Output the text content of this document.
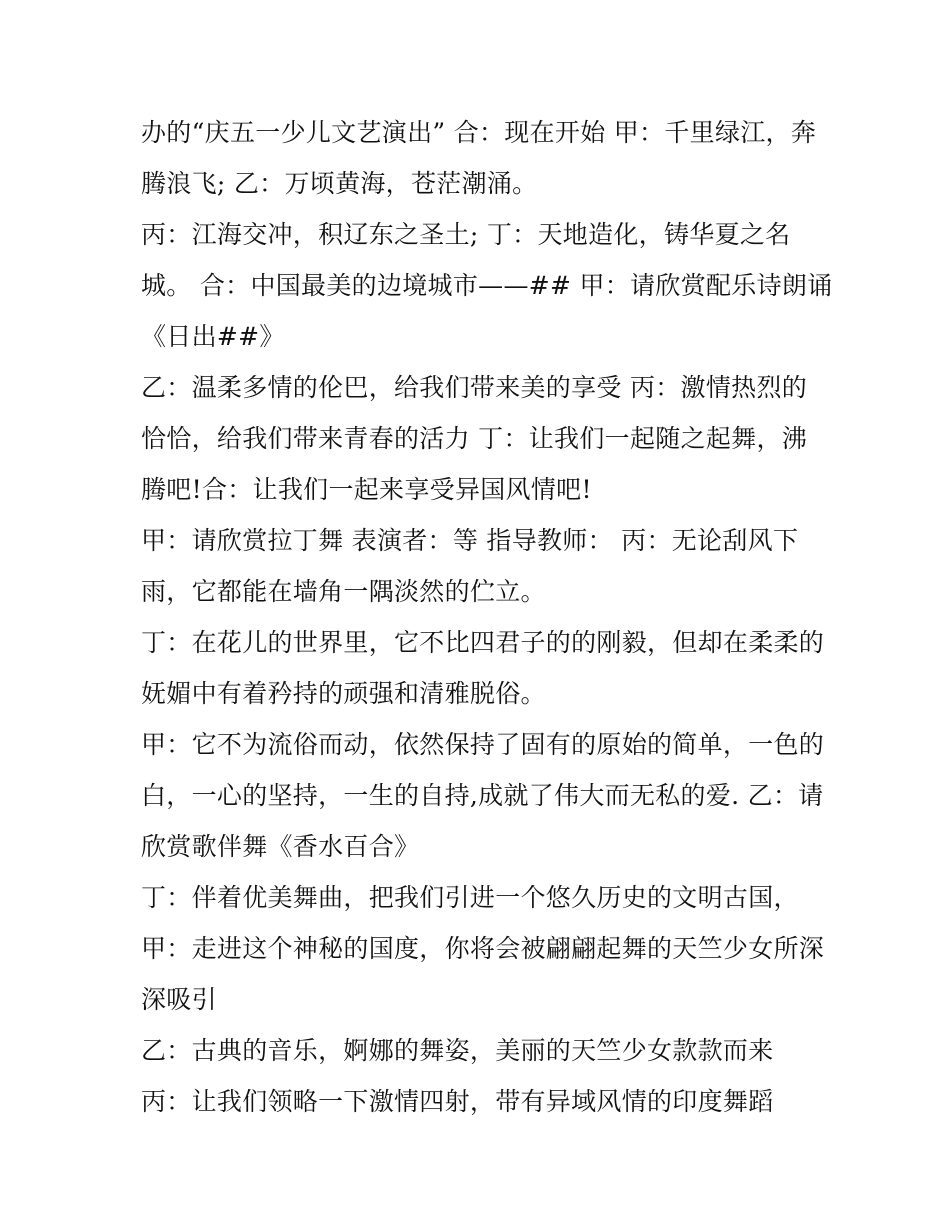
办的“庆五一少儿文艺演出” 合：现在开始 甲：千里绿江，奔
腾浪飞; 乙：万顷黄海，苍茫潮涌。
丙：江海交冲，积辽东之圣土; 丁：天地造化，铸华夏之名
城。 合：中国最美的边境城市——## 甲：请欣赏配乐诗朗诵
《日出##》
乙：温柔多情的伦巴，给我们带来美的享受 丙：激情热烈的
恰恰，给我们带来青春的活力 丁：让我们一起随之起舞，沸
腾吧!合：让我们一起来享受异国风情吧!
甲：请欣赏拉丁舞 表演者：等 指导教师： 丙：无论刮风下
雨，它都能在墙角一隅淡然的伫立。
丁：在花儿的世界里，它不比四君子的的刚毅，但却在柔柔的
妩媚中有着矜持的顽强和清雅脱俗。
甲：它不为流俗而动，依然保持了固有的原始的简单，一色的
白，一心的坚持，一生的自持,成就了伟大而无私的爱. 乙：请
欣赏歌伴舞《香水百合》
丁：伴着优美舞曲，把我们引进一个悠久历史的文明古国，
甲：走进这个神秘的国度，你将会被翩翩起舞的天竺少女所深
深吸引
乙：古典的音乐，婀娜的舞姿，美丽的天竺少女款款而来
丙：让我们领略一下激情四射，带有异域风情的印度舞蹈
